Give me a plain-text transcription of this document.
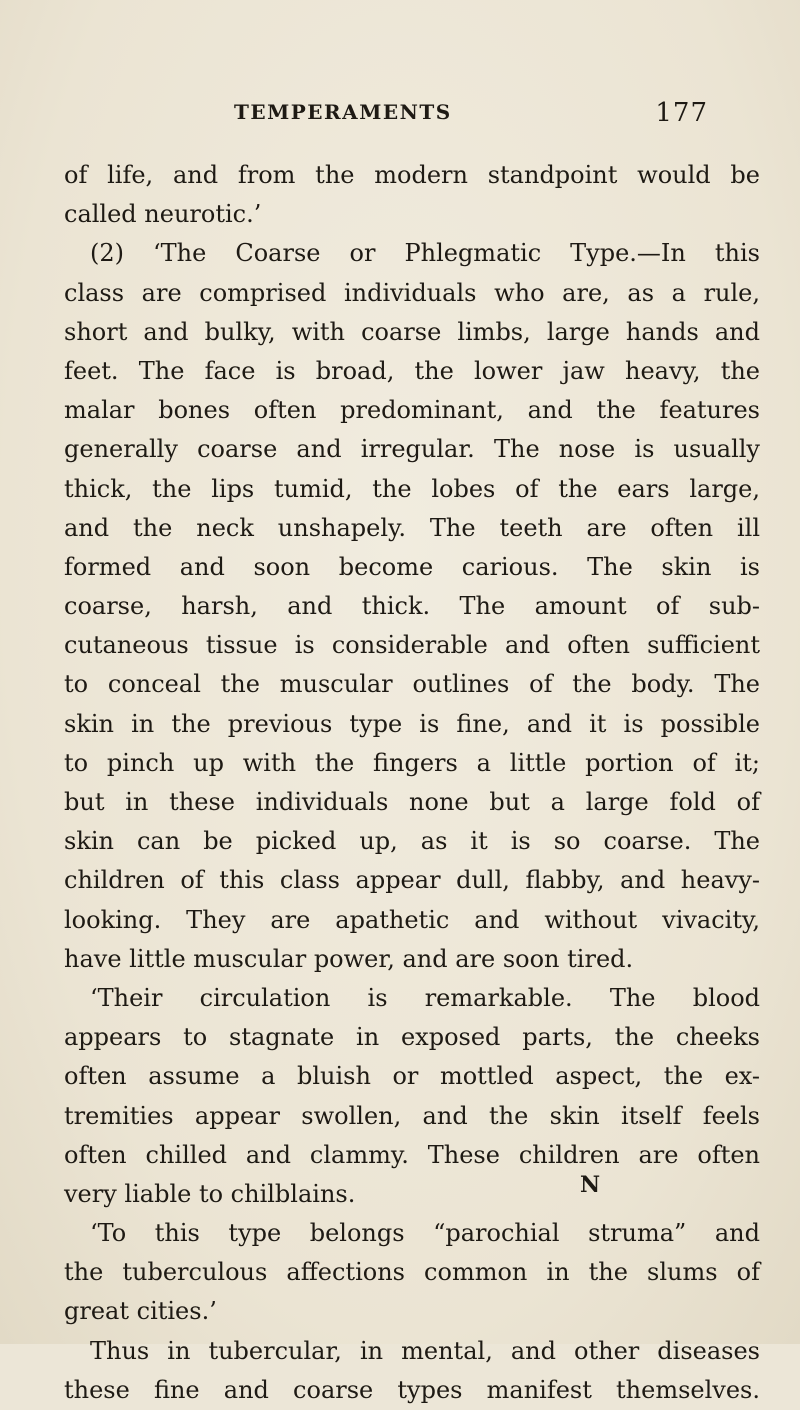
TEMPERAMENTS	177
of life, and from the modern standpoint would be
called neurotic.’
(2) ‘The Coarse or Phlegmatic Type.—In this
class are comprised individuals who are, as a rule,
short and bulky, with coarse limbs, large hands and
feet. The face is broad, the lower jaw heavy, the
malar bones often predominant, and the features
generally coarse and irregular. The nose is usually
thick, the lips tumid, the lobes of the ears large,
and the neck unshapely. The teeth are often ill
formed and soon become carious. The skin is
coarse, harsh, and thick. The amount of sub-
cutaneous tissue is considerable and often sufficient
to conceal the muscular outlines of the body. The
skin in the previous type is fine, and it is possible
to pinch up with the fingers a little portion of it;
but in these individuals none but a large fold of
skin can be picked up, as it is so coarse. The
children of this class appear dull, flabby, and heavy-
looking. They are apathetic and without vivacity,
have little muscular power, and are soon tired.
‘Their circulation is remarkable. The blood
appears to stagnate in exposed parts, the cheeks
often assume a bluish or mottled aspect, the ex-
tremities appear swollen, and the skin itself feels
often chilled and clammy. These children are often
very liable to chilblains.
‘To this type belongs “parochial struma” and
the tuberculous affections common in the slums of
great cities.’
Thus in tubercular, in mental, and other diseases
these fine and coarse types manifest themselves.
N
